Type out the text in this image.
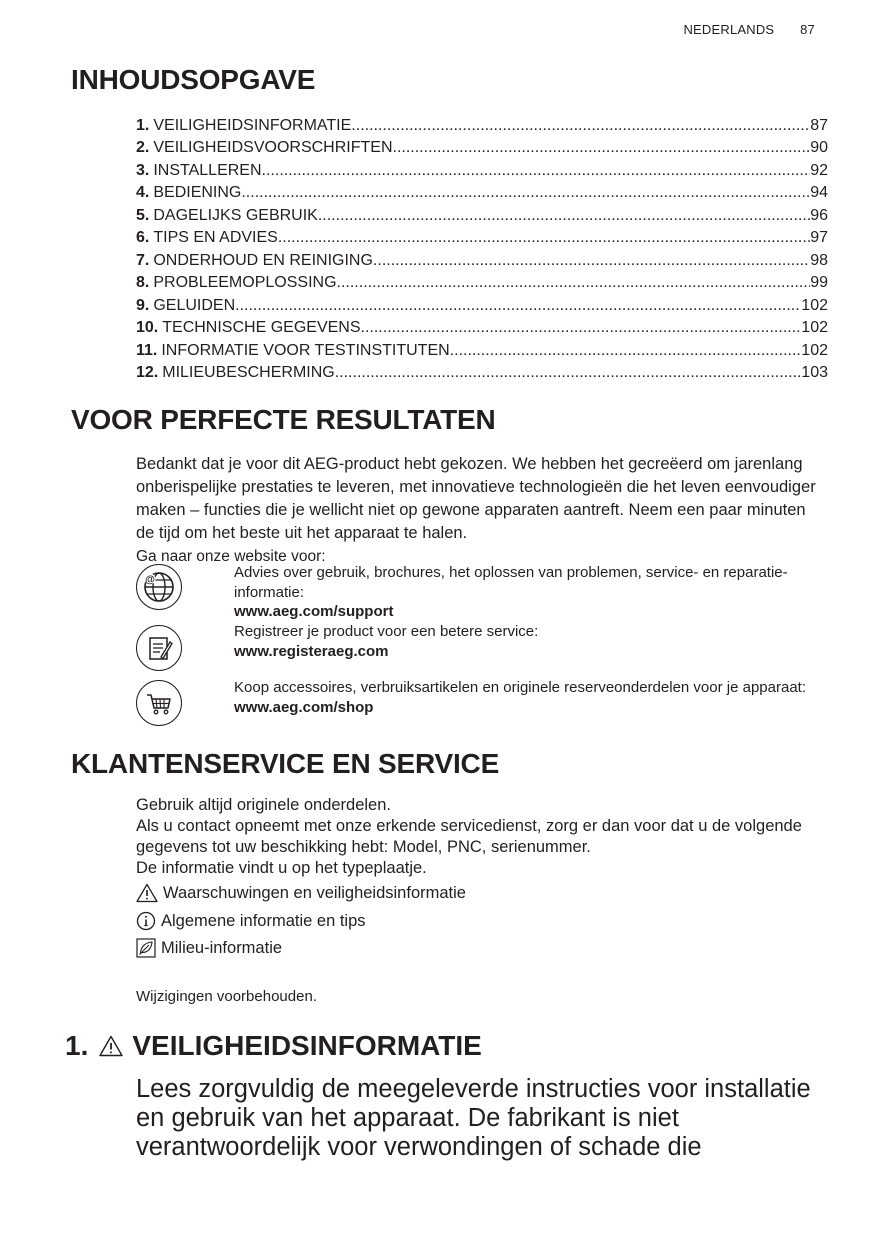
NEDERLANDS 87
INHOUDSOPGAVE
1. VEILIGHEIDSINFORMATIE .....	87
2. VEILIGHEIDSVOORSCHRIFTEN .....	90
3. INSTALLEREN .....	92
4. BEDIENING .....	94
5. DAGELIJKS GEBRUIK .....	96
6. TIPS EN ADVIES .....	97
7. ONDERHOUD EN REINIGING .....	98
8. PROBLEEMOPLOSSING .....	99
9. GELUIDEN .....	102
10. TECHNISCHE GEGEVENS .....	102
11. INFORMATIE VOOR TESTINSTITUTEN .....	102
12. MILIEUBESCHERMING .....	103
VOOR PERFECTE RESULTATEN
Bedankt dat je voor dit AEG-product hebt gekozen. We hebben het gecreëerd om jarenlang onberispelijke prestaties te leveren, met innovatieve technologieën die het leven eenvoudiger maken – functies die je wellicht niet op gewone apparaten aantreft. Neem een paar minuten de tijd om het beste uit het apparaat te halen.
Ga naar onze website voor:
@	Advies over gebruik, brochures, het oplossen van problemen, service- en reparatie-informatie:
www.aeg.com/support
Registreer je product voor een betere service:
www.registeraeg.com
Koop accessoires, verbruiksartikelen en originele reserveonderdelen voor je apparaat:
www.aeg.com/shop
KLANTENSERVICE EN SERVICE
Gebruik altijd originele onderdelen.
Als u contact opneemt met onze erkende servicedienst, zorg er dan voor dat u de volgende gegevens tot uw beschikking hebt: Model, PNC, serienummer.
De informatie vindt u op het typeplaatje.
Waarschuwingen en veiligheidsinformatie
Algemene informatie en tips
Milieu-informatie
Wijzigingen voorbehouden.
1. VEILIGHEIDSINFORMATIE
Lees zorgvuldig de meegeleverde instructies voor installatie en gebruik van het apparaat. De fabrikant is niet verantwoordelijk voor verwondingen of schade die
